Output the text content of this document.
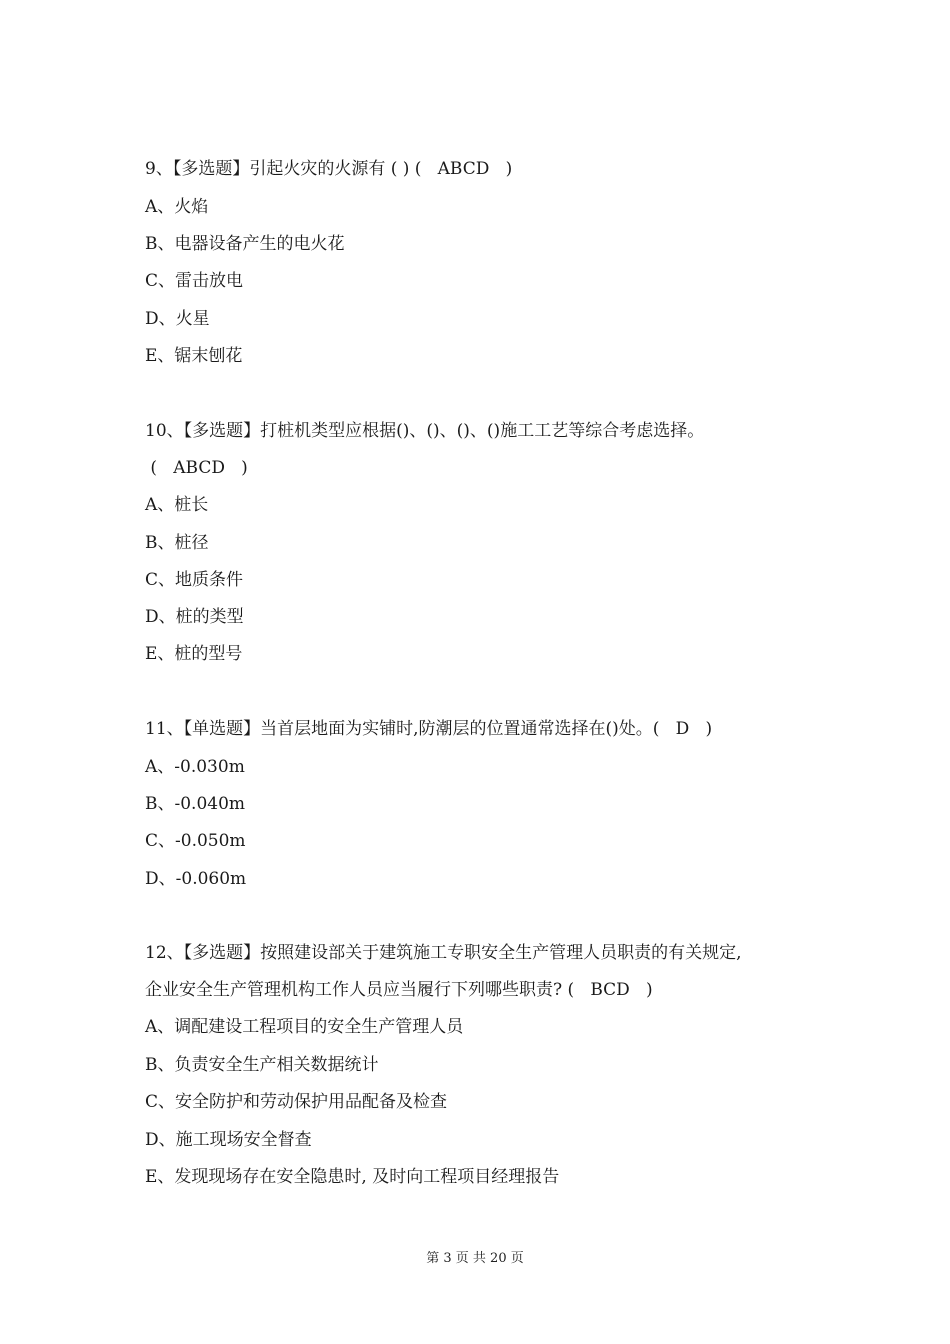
9、【多选题】引起火灾的火源有 ( ) (   ABCD   )

A、火焰

B、电器设备产生的电火花

C、雷击放电

D、火星

E、锯末刨花

10、【多选题】打桩机类型应根据()、()、()、()施工工艺等综合考虑选择。

(   ABCD   )

A、桩长

B、桩径

C、地质条件

D、桩的类型

E、桩的型号

11、【单选题】当首层地面为实铺时,防潮层的位置通常选择在()处。(   D   )

A、-0.030m

B、-0.040m

C、-0.050m

D、-0.060m

12、【多选题】按照建设部关于建筑施工专职安全生产管理人员职责的有关规定,

企业安全生产管理机构工作人员应当履行下列哪些职责? (   BCD   )

A、调配建设工程项目的安全生产管理人员

B、负责安全生产相关数据统计

C、安全防护和劳动保护用品配备及检查

D、施工现场安全督查

E、发现现场存在安全隐患时, 及时向工程项目经理报告

第 3 页 共 20 页
